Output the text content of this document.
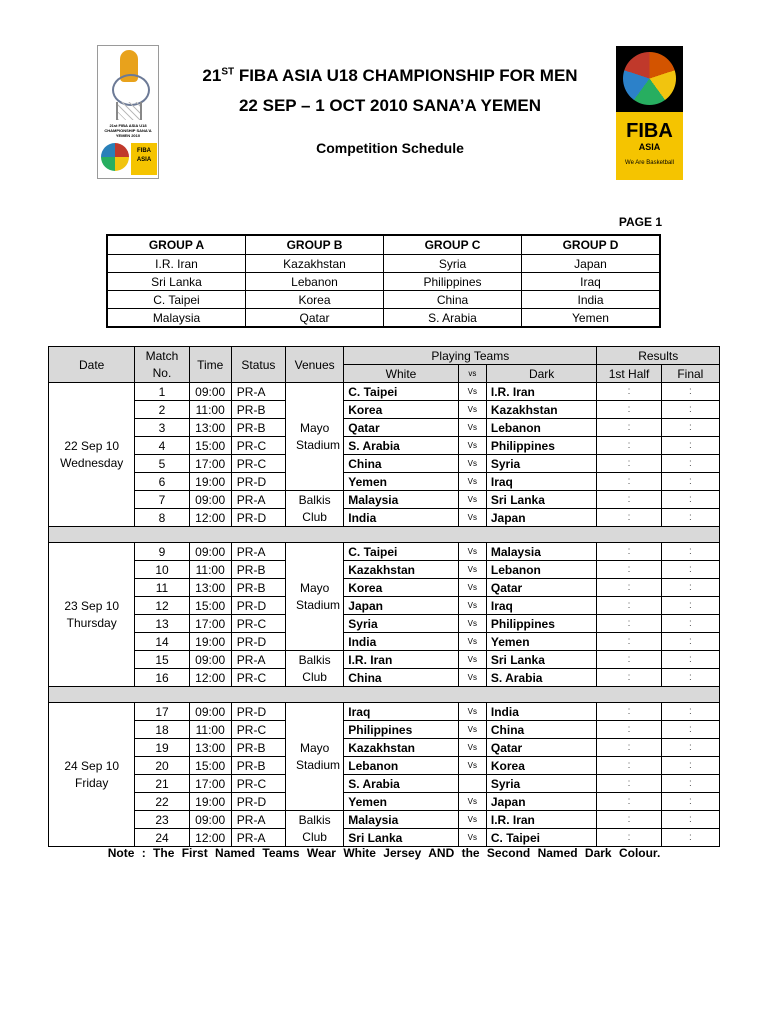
21st FIBA ASIA U18 CHAMPIONSHIP SANA'A YEMEN 2010
FIBA
ASIA
21ST FIBA ASIA U18 CHAMPIONSHIP FOR MEN
22 SEP – 1 OCT 2010 SANA’A YEMEN
Competition Schedule
FIBA
ASIA
We Are Basketball
PAGE 1
GROUP A	GROUP B	GROUP C	GROUP D
I.R. Iran	Kazakhstan	Syria	Japan
Sri Lanka	Lebanon	Philippines	Iraq
C. Taipei	Korea	China	India
Malaysia	Qatar	S. Arabia	Yemen
Date	Match No.	Time	Status	Venues	Playing Teams			Results	
					White	vs	Dark	1st Half	Final

22 Sep 10
Wednesday	1	09:00	PR-A	Mayo Stadium	C. Taipei	Vs	I.R. Iran	:	:
	2	11:00	PR-B		Korea	Vs	Kazakhstan	:	:
	3	13:00	PR-B		Qatar	Vs	Lebanon	:	:
	4	15:00	PR-C		S. Arabia	Vs	Philippines	:	:
	5	17:00	PR-C		China	Vs	Syria	:	:
	6	19:00	PR-D		Yemen	Vs	Iraq	:	:
	7	09:00	PR-A	Balkis Club	Malaysia	Vs	Sri Lanka	:	:
	8	12:00	PR-D		India	Vs	Japan	:	:

23 Sep 10
Thursday	9	09:00	PR-A	Mayo Stadium	C. Taipei	Vs	Malaysia	:	:
	10	11:00	PR-B		Kazakhstan	Vs	Lebanon	:	:
	11	13:00	PR-B		Korea	Vs	Qatar	:	:
	12	15:00	PR-D		Japan	Vs	Iraq	:	:
	13	17:00	PR-C		Syria	Vs	Philippines	:	:
	14	19:00	PR-D		India	Vs	Yemen	:	:
	15	09:00	PR-A	Balkis Club	I.R. Iran	Vs	Sri Lanka	:	:
	16	12:00	PR-C		China	Vs	S. Arabia	:	:

24 Sep 10
Friday	17	09:00	PR-D	Mayo Stadium	Iraq	Vs	India	:	:
	18	11:00	PR-C		Philippines	Vs	China	:	:
	19	13:00	PR-B		Kazakhstan	Vs	Qatar	:	:
	20	15:00	PR-B		Lebanon	Vs	Korea	:	:
	21	17:00	PR-C		S. Arabia		Syria	:	:
	22	19:00	PR-D		Yemen	Vs	Japan	:	:
	23	09:00	PR-A	Balkis Club	Malaysia	Vs	I.R. Iran	:	:
	24	12:00	PR-A		Sri Lanka	Vs	C. Taipei	:	:
Note : The First Named Teams Wear White Jersey AND the Second Named Dark Colour.
